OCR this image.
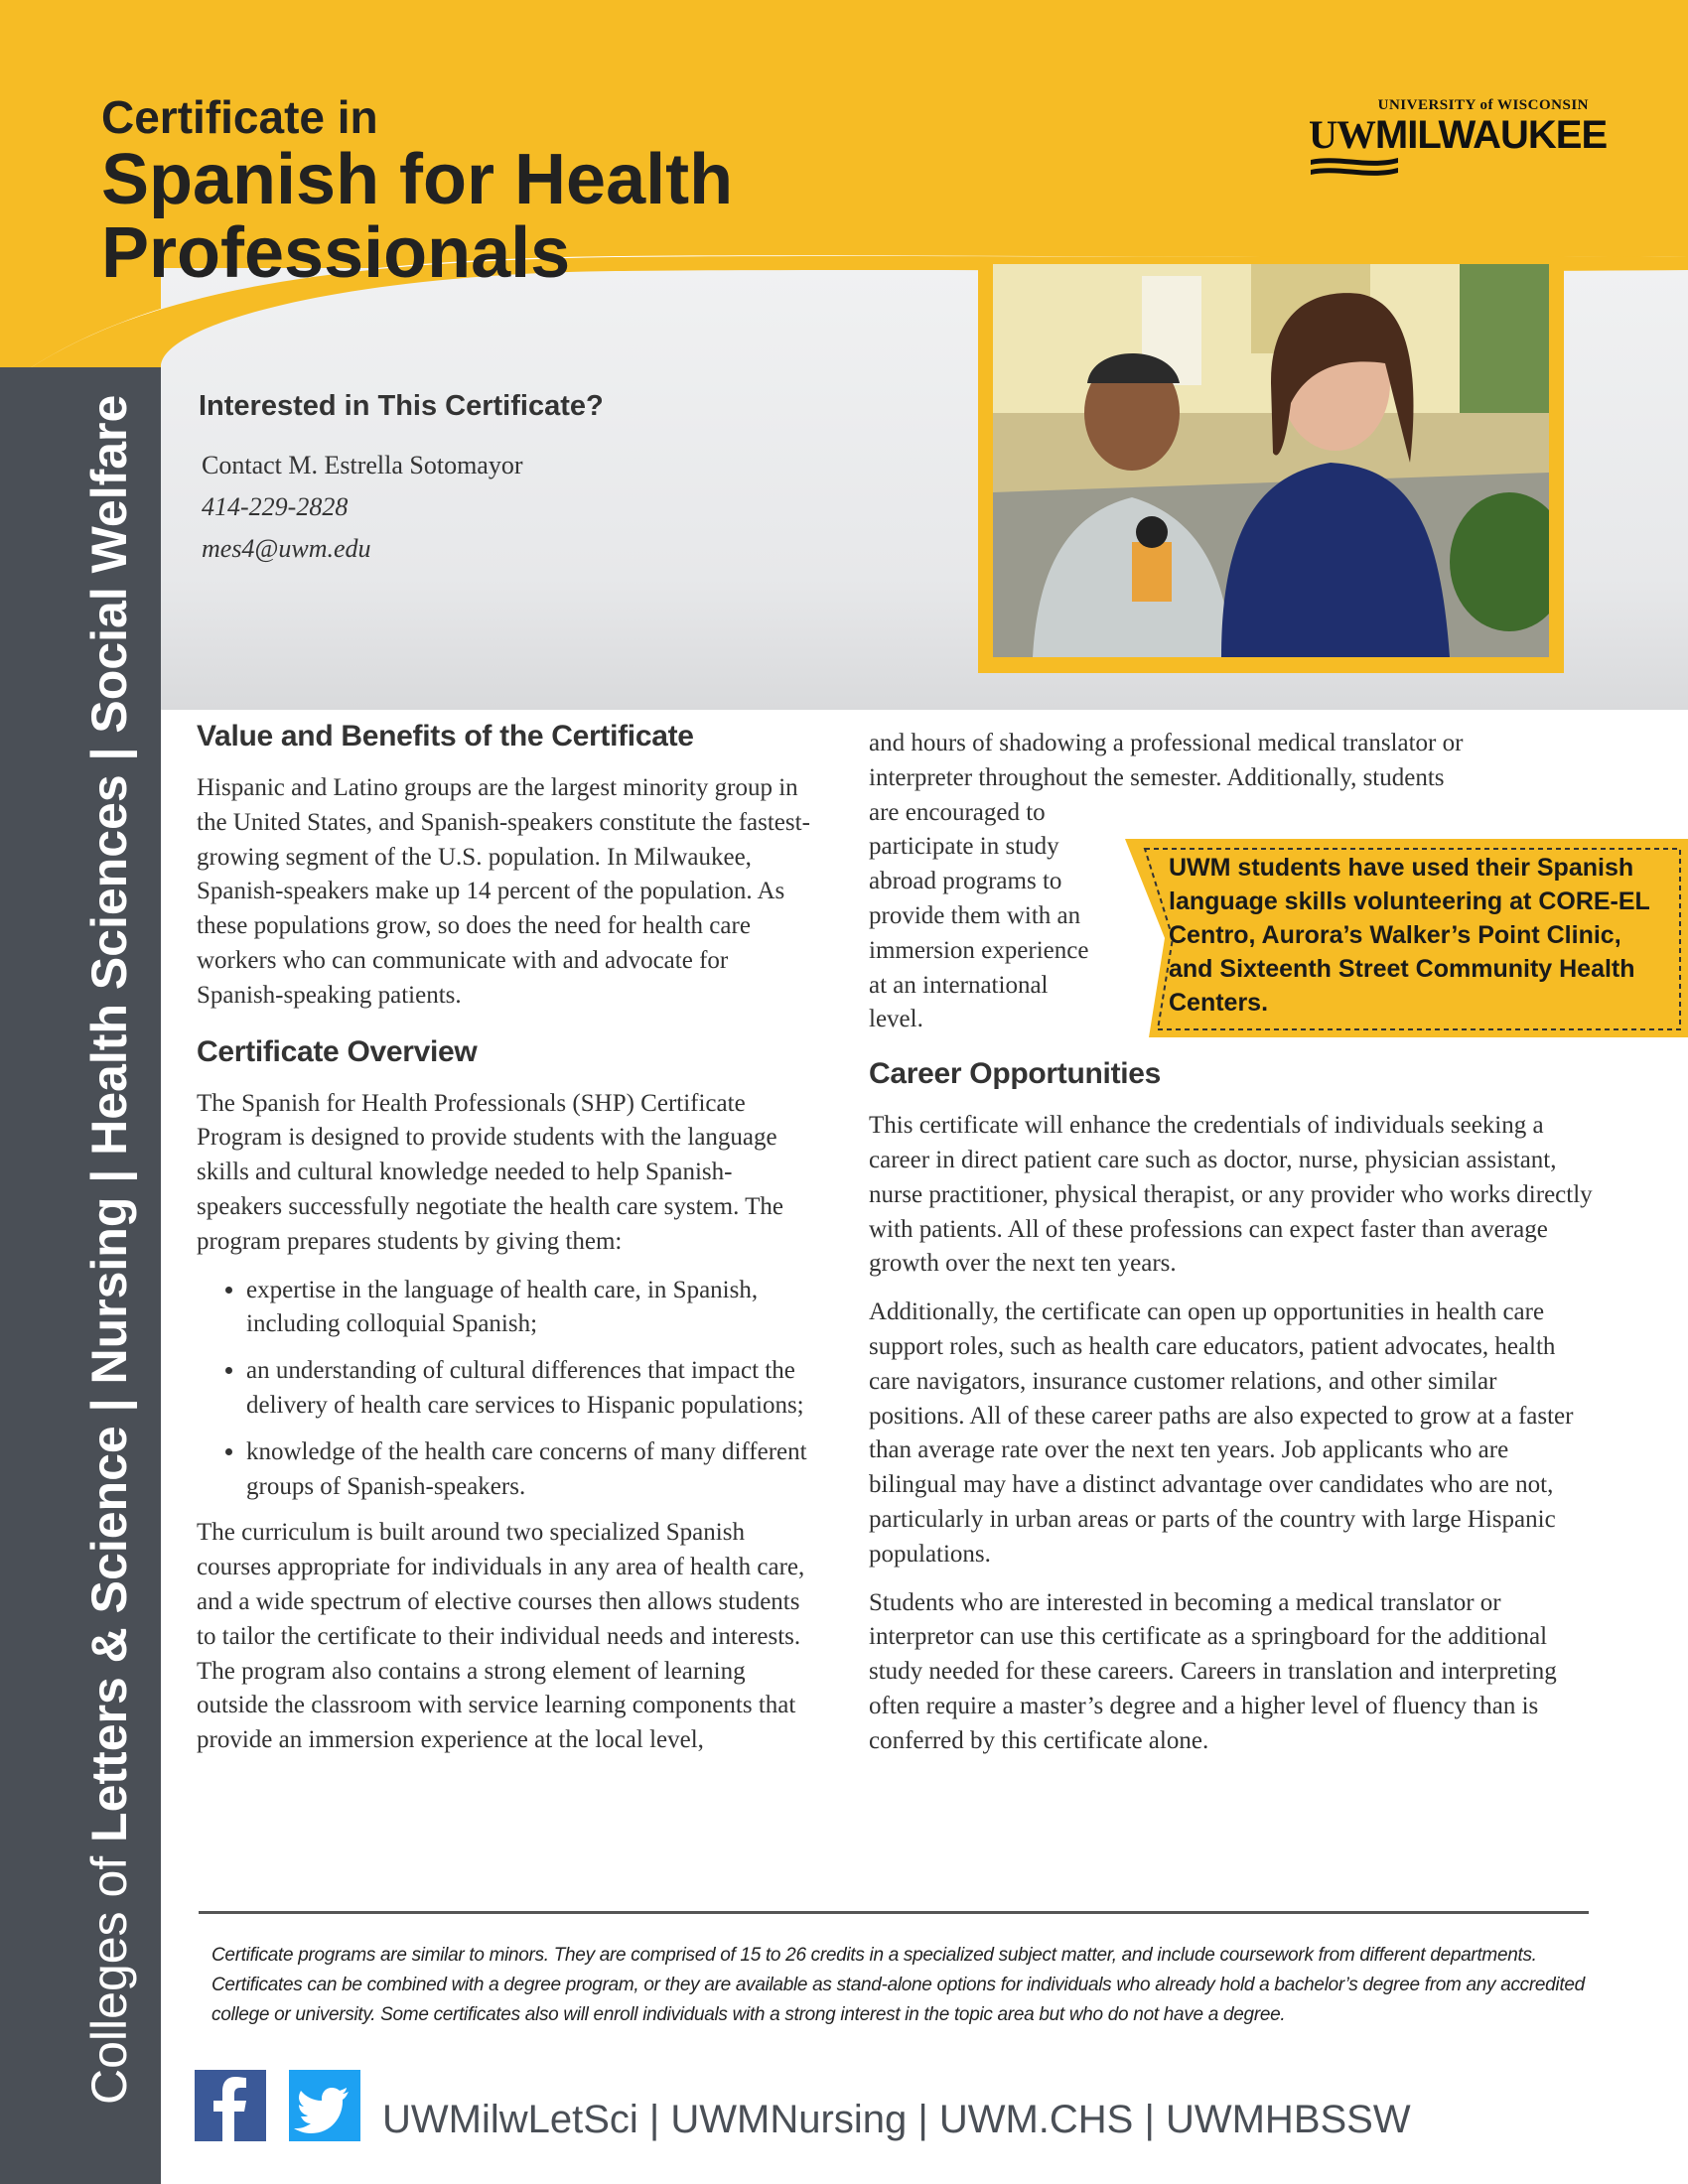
Colleges of Letters & Science | Nursing | Health Sciences | Social Welfare
Certificate in
Spanish for Health
Professionals
UNIVERSITY of WISCONSIN
UWMILWAUKEE
Interested in This Certificate?
Contact M. Estrella Sotomayor
414-229-2828
mes4@uwm.edu
Value and Benefits of the Certificate

Hispanic and Latino groups are the largest minority group in the United States, and Spanish-speakers constitute the fastest-growing segment of the U.S. population. In Milwaukee, Spanish-speakers make up 14 percent of the population. As these populations grow, so does the need for health care workers who can communicate with and advocate for Spanish-speaking patients.

Certificate Overview

The Spanish for Health Professionals (SHP) Certificate Program is designed to provide students with the language skills and cultural knowledge needed to help Spanish-speakers successfully negotiate the health care system. The program prepares students by giving them:

• expertise in the language of health care, in Spanish, including colloquial Spanish;
• an understanding of cultural differences that impact the delivery of health care services to Hispanic populations;
• knowledge of the health care concerns of many different groups of Spanish-speakers.

The curriculum is built around two specialized Spanish courses appropriate for individuals in any area of health care, and a wide spectrum of elective courses then allows students to tailor the certificate to their individual needs and interests. The program also contains a strong element of learning outside the classroom with service learning components that provide an immersion experience at the local level,

and hours of shadowing a professional medical translator or interpreter throughout the semester. Additionally, students

are encouraged to participate in study abroad programs to provide them with an immersion experience at an international level.

Career Opportunities

This certificate will enhance the credentials of individuals seeking a career in direct patient care such as doctor, nurse, physician assistant, nurse practitioner, physical therapist, or any provider who works directly with patients. All of these professions can expect faster than average growth over the next ten years.

Additionally, the certificate can open up opportunities in health care support roles, such as health care educators, patient advocates, health care navigators, insurance customer relations, and other similar positions. All of these career paths are also expected to grow at a faster than average rate over the next ten years. Job applicants who are bilingual may have a distinct advantage over candidates who are not, particularly in urban areas or parts of the country with large Hispanic populations.

Students who are interested in becoming a medical translator or interpretor can use this certificate as a springboard for the additional study needed for these careers. Careers in translation and interpreting often require a master’s degree and a higher level of fluency than is conferred by this certificate alone.

UWM students have used their Spanish language skills volunteering at CORE-EL Centro, Aurora’s Walker’s Point Clinic, and Sixteenth Street Community Health Centers.
Certificate programs are similar to minors. They are comprised of 15 to 26 credits in a specialized subject matter, and include coursework from different departments. Certificates can be combined with a degree program, or they are available as stand-alone options for individuals who already hold a bachelor’s degree from any accredited college or university. Some certificates also will enroll individuals with a strong interest in the topic area but who do not have a degree.
UWMilwLetSci | UWMNursing | UWM.CHS | UWMHBSSW
